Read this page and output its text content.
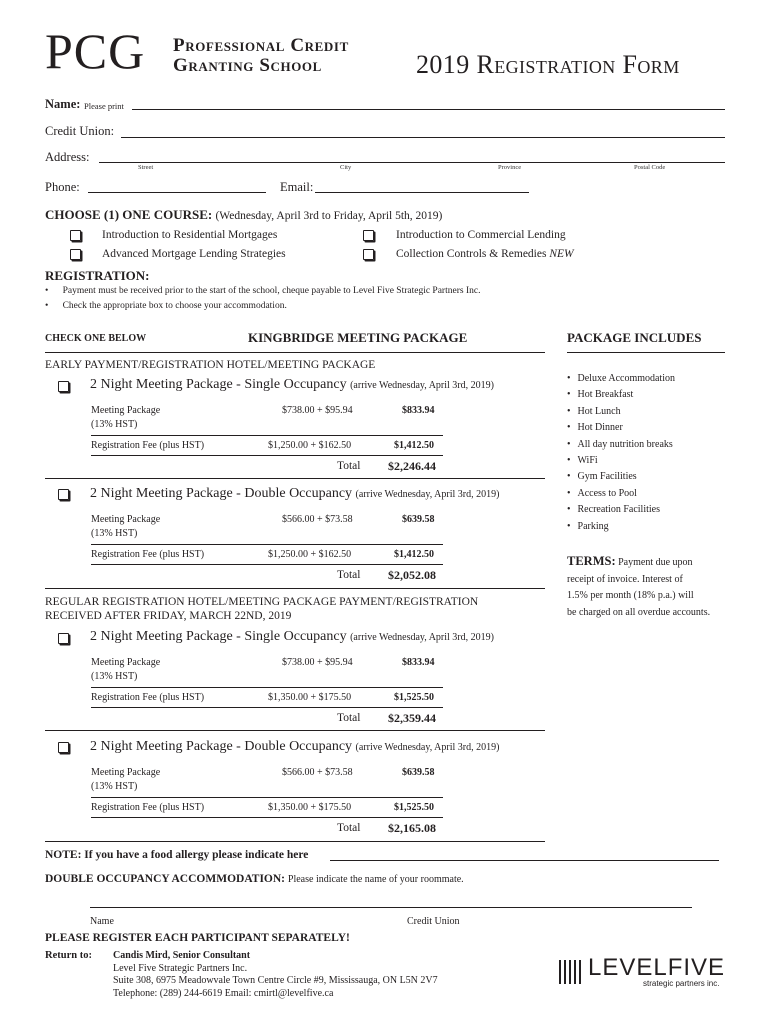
PCG Professional Credit
Granting School	2019 Registration Form
Name: Please print
Credit Union:
Address:
Street	City	Province	Postal Code
Phone:	Email:
CHOOSE (1) ONE COURSE: (Wednesday, April 3rd to Friday, April 5th, 2019)
Introduction to Residential Mortgages
Advanced Mortgage Lending Strategies
Introduction to Commercial Lending
Collection Controls & Remedies NEW
REGISTRATION:
•      Payment must be received prior to the start of the school, cheque payable to Level Five Strategic Partners Inc.
•      Check the appropriate box to choose your accommodation.
CHECK ONE BELOW	KINGBRIDGE MEETING PACKAGE	PACKAGE INCLUDES
EARLY PAYMENT/REGISTRATION HOTEL/MEETING PACKAGE
2 Night Meeting Package - Single Occupancy (arrive Wednesday, April 3rd, 2019)
Meeting Package
(13% HST)
$738.00 + $95.94	$833.94
Registration Fee (plus HST)	$1,250.00 + $162.50	$1,412.50
Total $2,246.44
2 Night Meeting Package - Double Occupancy (arrive Wednesday, April 3rd, 2019)
Meeting Package
(13% HST)
$566.00 + $73.58	$639.58
Registration Fee (plus HST)	$1,250.00 + $162.50	$1,412.50
Total $2,052.08
REGULAR REGISTRATION HOTEL/MEETING PACKAGE PAYMENT/REGISTRATION
RECEIVED AFTER FRIDAY, MARCH 22ND, 2019
2 Night Meeting Package - Single Occupancy (arrive Wednesday, April 3rd, 2019)
Meeting Package
(13% HST)
$738.00 + $95.94	$833.94
Registration Fee (plus HST)	$1,350.00 + $175.50	$1,525.50
Total $2,359.44
2 Night Meeting Package - Double Occupancy (arrive Wednesday, April 3rd, 2019)
Meeting Package
(13% HST)
$566.00 + $73.58	$639.58
Registration Fee (plus HST)	$1,350.00 + $175.50	$1,525.50
Total $2,165.08
• Deluxe Accommodation
• Hot Breakfast
• Hot Lunch
• Hot Dinner
• All day nutrition breaks
• WiFi
• Gym Facilities
• Access to Pool
• Recreation Facilities
• Parking
TERMS: Payment due upon
receipt of invoice. Interest of
1.5% per month (18% p.a.) will
be charged on all overdue accounts.
NOTE: If you have a food allergy please indicate here
DOUBLE OCCUPANCY ACCOMMODATION: Please indicate the name of your roommate.
Name	Credit Union
PLEASE REGISTER EACH PARTICIPANT SEPARATELY!
Return to: Candis Mird, Senior Consultant
Level Five Strategic Partners Inc.
Suite 308, 6975 Meadowvale Town Centre Circle #9, Mississauga, ON L5N 2V7
Telephone: (289) 244-6619 Email: cmirtl@levelfive.ca
LEVELFIVE
strategic partners inc.
